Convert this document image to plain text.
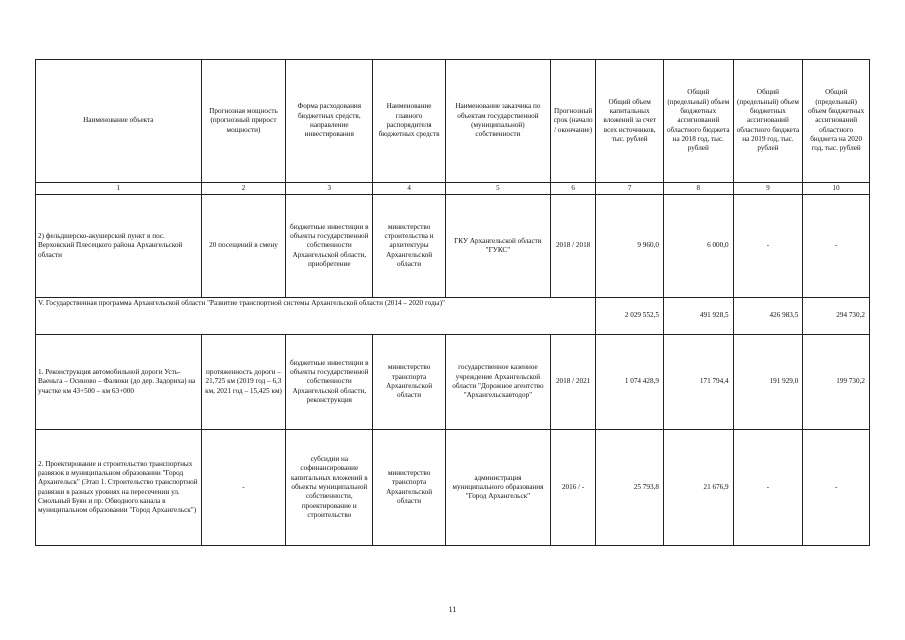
Наименование объекта	Прогнозная мощность (прогнозный прирост мощности)	Форма расходования бюджетных средств, направление инвестирования	Наименование главного распорядителя бюджетных средств	Наименование заказчика по объектам государственной (муниципальной) собственности	Прогнозный срок (начало / окончание)	Общий объем капитальных вложений за счет всех источников, тыс. рублей	Общий (предельный) объем бюджетных ассигнований областного бюджета на 2018 год, тыс. рублей	Общий (предельный) объем бюджетных ассигнований областного бюджета на 2019 год, тыс. рублей	Общий (предельный) объем бюджетных ассигнований областного бюджета на 2020 год, тыс. рублей
1	2	3	4	5	6	7	8	9	10
2) фельдшерско-акушерский пункт в пос. Верховский Плесецкого района Архангельской области	20 посещений в смену	бюджетные инвестиции в объекты государственной собственности Архангельской области, приобретение	министерство строительства и архитектуры Архангельской области	ГКУ Архангельской области "ГУКС"	2018 / 2018	9 960,0	6 000,0	-	-
V. Государственная программа Архангельской области "Развитие транспортной системы Архангельской области (2014 – 2020 годы)"						2 029 552,5	491 928,5	426 983,5	294 730,2
1. Реконструкция автомобильной дороги Усть-Ваеньга – Осиново – Фалюки (до дер. Задориха) на участке км 43+500 – км 63+000	протяженность дороги – 21,725 км (2019 год – 6,3 км, 2021 год – 15,425 км)	бюджетные инвестиции в объекты государственной собственности Архангельской области, реконструкция	министерство транспорта Архангельской области	государственное казенное учреждение Архангельской области "Дорожное агентство "Архангельскавтодор"	2018 / 2021	1 074 428,9	171 794,4	191 929,0	199 730,2
2. Проектирование и строительство транспортных развязок в муниципальном образовании "Город Архангельск" (Этап 1. Строительство транспортной развязки в разных уровнях на пересечении ул. Смольный Буян и пр. Обводного канала в муниципальном образовании "Город Архангельск")	-	субсидии на софинансирование капитальных вложений в объекты муниципальной собственности, проектирование и строительство	министерство транспорта Архангельской области	администрация муниципального образования "Город Архангельск"	2016 / -	25 793,8	21 676,9	-	-
11
